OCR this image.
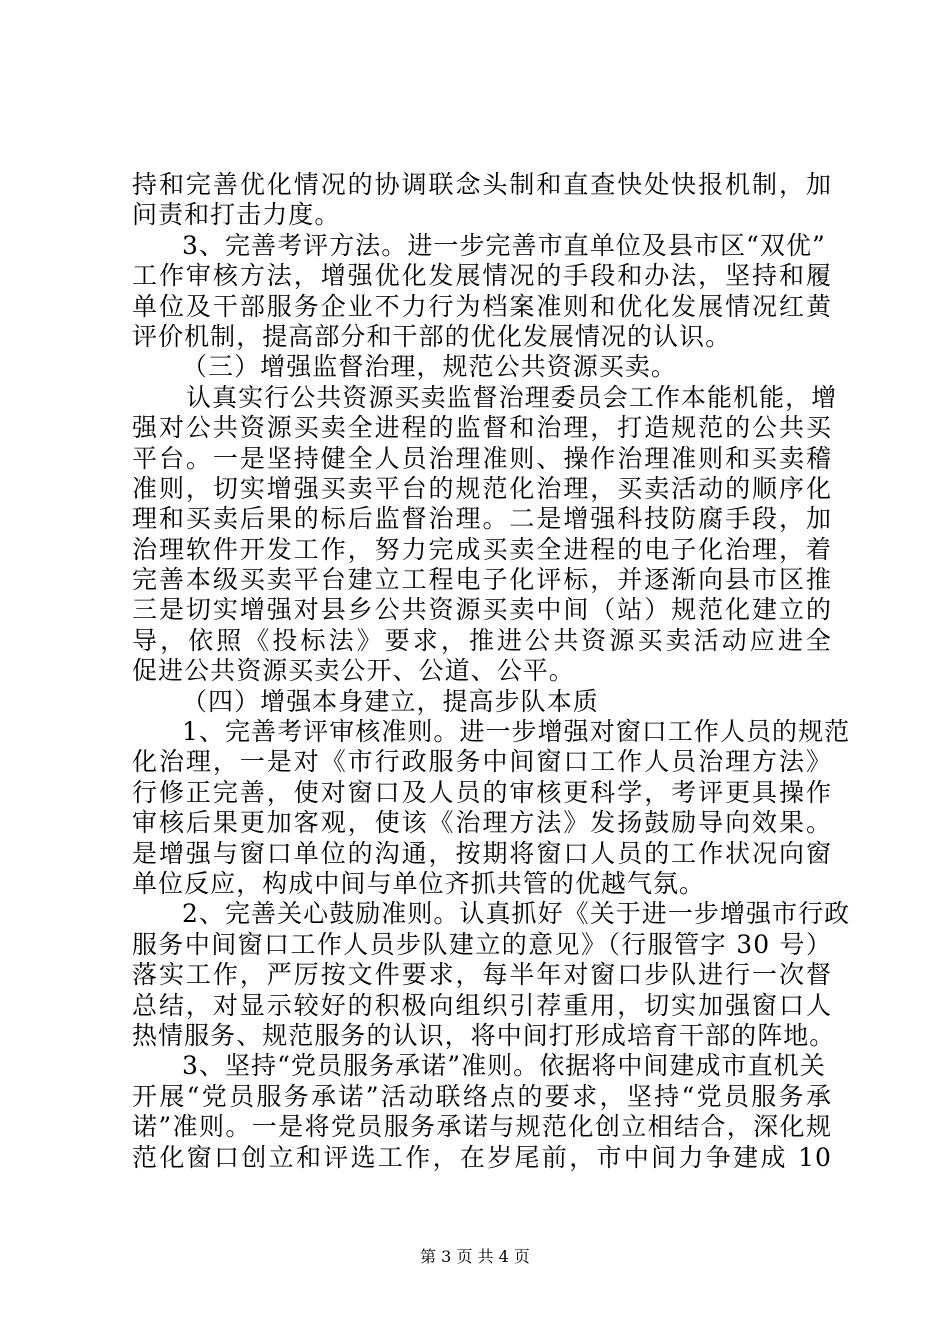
持和完善优化情况的协调联念头制和直查快处快报机制，加
问责和打击力度。
3、完善考评方法。进一步完善市直单位及县市区“双优”
工作审核方法，增强优化发展情况的手段和办法，坚持和履
单位及干部服务企业不力行为档案准则和优化发展情况红黄
评价机制，提高部分和干部的优化发展情况的认识。
（三）增强监督治理，规范公共资源买卖。
认真实行公共资源买卖监督治理委员会工作本能机能，增
强对公共资源买卖全进程的监督和治理，打造规范的公共买
平台。一是坚持健全人员治理准则、操作治理准则和买卖稽
准则，切实增强买卖平台的规范化治理，买卖活动的顺序化
理和买卖后果的标后监督治理。二是增强科技防腐手段，加
治理软件开发工作，努力完成买卖全进程的电子化治理，着
完善本级买卖平台建立工程电子化评标，并逐渐向县市区推
三是切实增强对县乡公共资源买卖中间（站）规范化建立的
导，依照《投标法》要求，推进公共资源买卖活动应进全
促进公共资源买卖公开、公道、公平。
（四）增强本身建立，提高步队本质
1、完善考评审核准则。进一步增强对窗口工作人员的规范
化治理，一是对《市行政服务中间窗口工作人员治理方法》
行修正完善，使对窗口及人员的审核更科学，考评更具操作
审核后果更加客观，使该《治理方法》发扬鼓励导向效果。
是增强与窗口单位的沟通，按期将窗口人员的工作状况向窗
单位反应，构成中间与单位齐抓共管的优越气氛。
2、完善关心鼓励准则。认真抓好《关于进一步增强市行政
服务中间窗口工作人员步队建立的意见》（行服管字 30 号）
落实工作，严厉按文件要求，每半年对窗口步队进行一次督
总结，对显示较好的积极向组织引荐重用，切实加强窗口人
热情服务、规范服务的认识，将中间打形成培育干部的阵地。
3、坚持“党员服务承诺”准则。依据将中间建成市直机关
开展“党员服务承诺”活动联络点的要求，坚持“党员服务承
诺”准则。一是将党员服务承诺与规范化创立相结合，深化规
范化窗口创立和评选工作，在岁尾前，市中间力争建成 10
第 3 页 共 4 页
